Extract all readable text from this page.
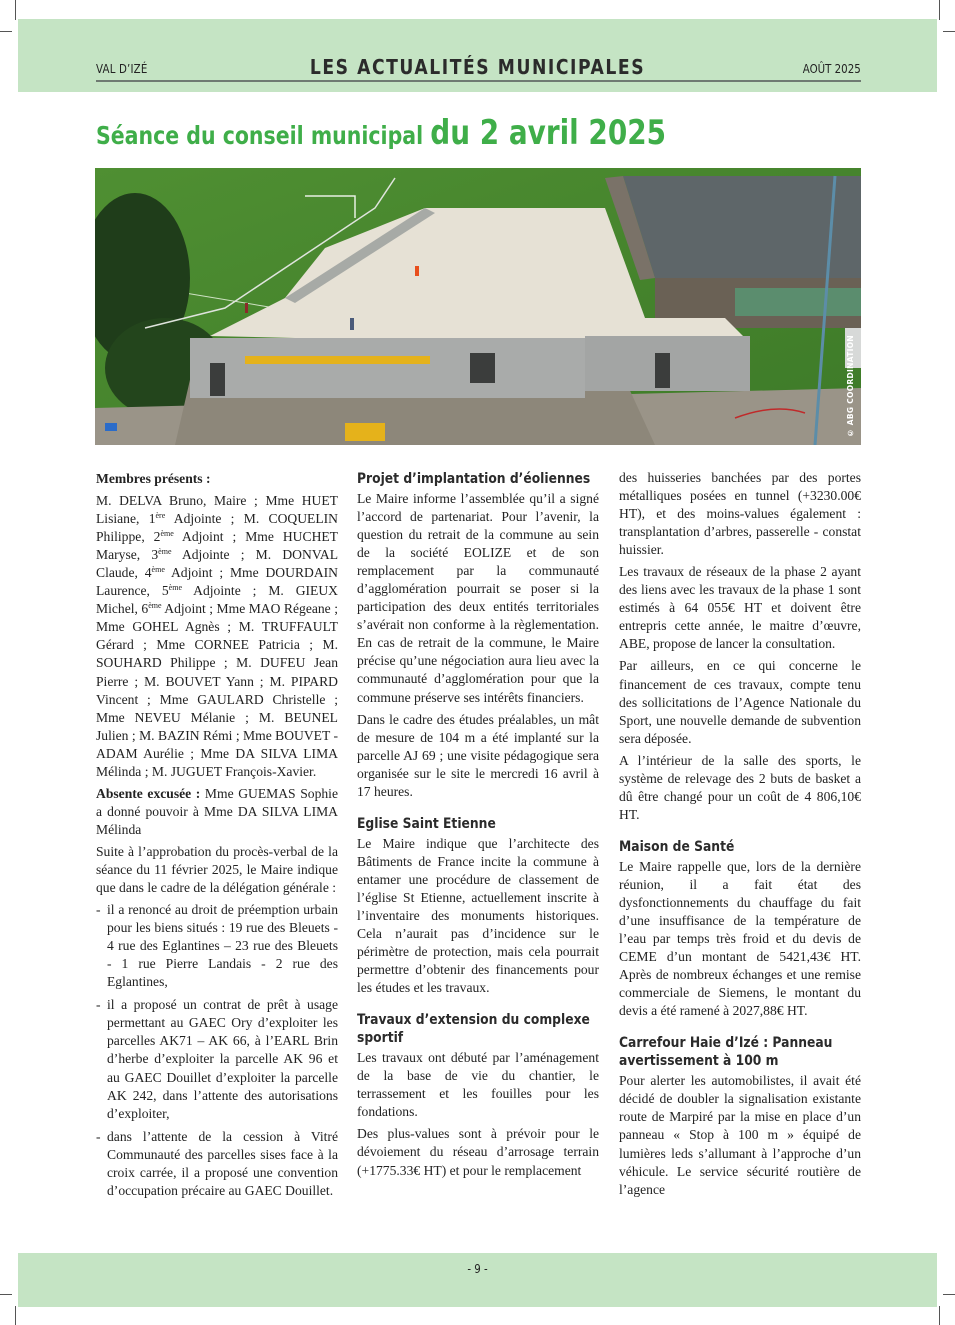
VAL D’IZÉ	LES ACTUALITÉS MUNICIPALES	AOÛT 2025
Séance du conseil municipal du 2 avril 2025
© ABG COORDINATION

Membres présents :

M. DELVA Bruno, Maire ; Mme HUET Lisiane, 1ère Adjointe ; M. COQUELIN Philippe, 2ème Adjoint ; Mme HUCHET Maryse, 3ème Adjointe ; M. DONVAL Claude, 4ème Adjoint ; Mme DOURDAIN Laurence, 5ème Adjointe ; M. GIEUX Michel, 6ème Adjoint ; Mme MAO Régeane ; Mme GOHEL Agnès ; M. TRUFFAULT Gérard ; Mme CORNEE Patricia ; M. SOUHARD Philippe ; M. DUFEU Jean Pierre ; M. BOUVET Yann ; M. PIPARD Vincent ; Mme GAULARD Christelle ; Mme NEVEU Mélanie ; M. BEUNEL Julien ; M. BAZIN Rémi ; Mme BOUVET - ADAM Aurélie ; Mme DA SILVA LIMA Mélinda ; M. JUGUET François-Xavier.

Absente excusée : Mme GUEMAS Sophie a donné pouvoir à Mme DA SILVA LIMA Mélinda

Suite à l’approbation du procès-verbal de la séance du 11 février 2025, le Maire indique que dans le cadre de la délégation générale :

- il a renoncé au droit de préemption urbain pour les biens situés : 19 rue des Bleuets - 4 rue des Eglantines – 23 rue des Bleuets - 1 rue Pierre Landais - 2 rue des Eglantines,
- il a proposé un contrat de prêt à usage permettant au GAEC Ory d’exploiter les parcelles AK71 – AK 66, à l’EARL Brin d’herbe d’exploiter la parcelle AK 96 et au GAEC Douillet d’exploiter la parcelle AK 242, dans l’attente des autorisations d’exploiter,
- dans l’attente de la cession à Vitré Communauté des parcelles sises face à la croix carrée, il a proposé une convention d’occupation précaire au GAEC Douillet.
Projet d’implantation d’éoliennes

Le Maire informe l’assemblée qu’il a signé l’accord de partenariat. Pour l’avenir, la question du retrait de la commune au sein de la société EOLIZE et de son remplacement par la communauté d’agglomération pourrait se poser si la participation des deux entités territoriales s’avérait non conforme à la règlementation. En cas de retrait de la commune, le Maire précise qu’une négociation aura lieu avec la communauté d’agglomération pour que la commune préserve ses intérêts financiers.

Dans le cadre des études préalables, un mât de mesure de 104 m a été implanté sur la parcelle AJ 69 ; une visite pédagogique sera organisée sur le site le mercredi 16 avril à 17 heures.

Eglise Saint Etienne

Le Maire indique que l’architecte des Bâtiments de France incite la commune à entamer une procédure de classement de l’église St Etienne, actuellement inscrite à l’inventaire des monuments historiques. Cela n’aurait pas d’incidence sur le périmètre de protection, mais cela pourrait permettre d’obtenir des financements pour les études et les travaux.

Travaux d’extension du complexe sportif

Les travaux ont débuté par l’aménagement de la base de vie du chantier, le terrassement et les fouilles pour les fondations.

Des plus-values sont à prévoir pour le dévoiement du réseau d’arrosage terrain (+1775.33€ HT) et pour le remplacement

des huisseries banchées par des portes métalliques posées en tunnel (+3230.00€ HT), et des moins-values également : transplantation d’arbres, passerelle - constat huissier.

Les travaux de réseaux de la phase 2 ayant des liens avec les travaux de la phase 1 sont estimés à 64 055€ HT et doivent être entrepris cette année, le maitre d’œuvre, ABE, propose de lancer la consultation.

Par ailleurs, en ce qui concerne le financement de ces travaux, compte tenu des sollicitations de l’Agence Nationale du Sport, une nouvelle demande de subvention sera déposée.

A l’intérieur de la salle des sports, le système de relevage des 2 buts de basket a dû être changé pour un coût de 4 806,10€ HT.

Maison de Santé

Le Maire rappelle que, lors de la dernière réunion, il a fait état des dysfonctionnements du chauffage du fait d’une insuffisance de la température de l’eau par temps très froid et du devis de CEME d’un montant de 5421,43€ HT. Après de nombreux échanges et une remise commerciale de Siemens, le montant du devis a été ramené à 2027,88€ HT.

Carrefour Haie d’Izé : Panneau avertissement à 100 m

Pour alerter les automobilistes, il avait été décidé de doubler la signalisation existante route de Marpiré par la mise en place d’un panneau « Stop à 100 m » équipé de lumières leds s’allumant à l’approche d’un véhicule. Le service sécurité routière de l’agence

- 9 -
